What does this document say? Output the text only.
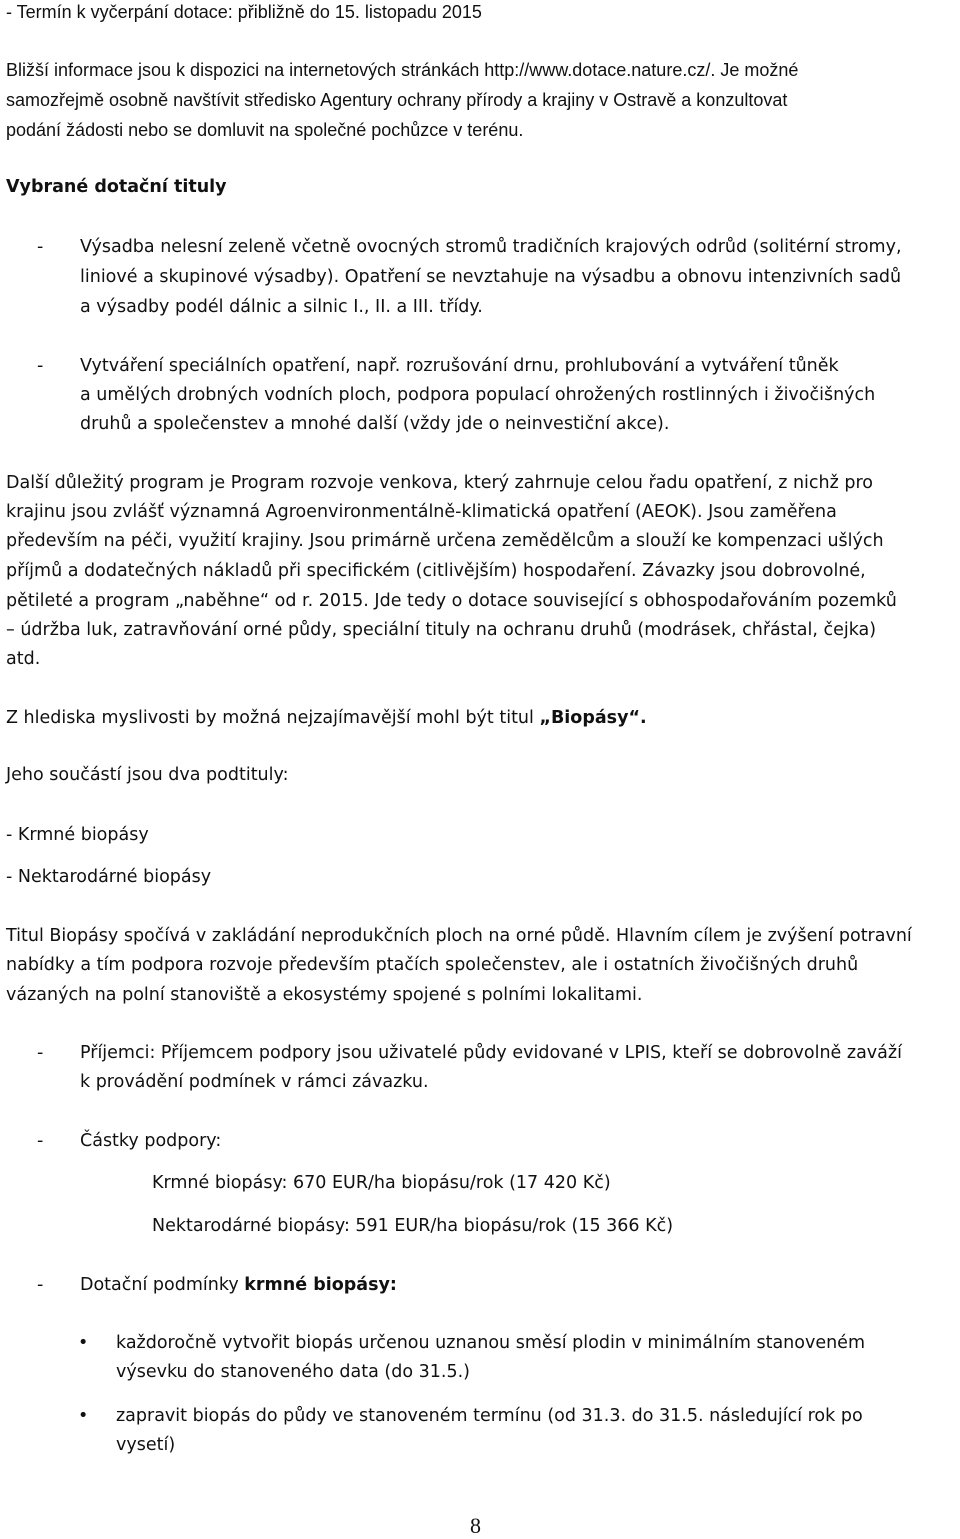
- Termín k vyčerpání dotace: přibližně do 15. listopadu 2015
Bližší informace jsou k dispozici na internetových stránkách http://www.dotace.nature.cz/. Je možné
samozřejmě osobně navštívit středisko Agentury ochrany přírody a krajiny v Ostravě a konzultovat
podání žádosti nebo se domluvit na společné pochůzce v terénu.
Vybrané dotační tituly
- Výsadba nelesní zeleně včetně ovocných stromů tradičních krajových odrůd (solitérní stromy,
liniové a skupinové výsadby). Opatření se nevztahuje na výsadbu a obnovu intenzivních sadů
a výsadby podél dálnic a silnic I., II. a III. třídy.
- Vytváření speciálních opatření, např. rozrušování drnu, prohlubování a vytváření tůněk
a umělých drobných vodních ploch, podpora populací ohrožených rostlinných i živočišných
druhů a společenstev a mnohé další (vždy jde o neinvestiční akce).
Další důležitý program je Program rozvoje venkova, který zahrnuje celou řadu opatření, z nichž pro
krajinu jsou zvlášť významná Agroenvironmentálně-klimatická opatření (AEOK). Jsou zaměřena
především na péči, využití krajiny. Jsou primárně určena zemědělcům a slouží ke kompenzaci ušlých
příjmů a dodatečných nákladů při specifickém (citlivějším) hospodaření. Závazky jsou dobrovolné,
pětileté a program „naběhne“ od r. 2015. Jde tedy o dotace související s obhospodařováním pozemků
– údržba luk, zatravňování orné půdy, speciální tituly na ochranu druhů (modrásek, chřástal, čejka)
atd.
Z hlediska myslivosti by možná nejzajímavější mohl být titul „Biopásy“.
Jeho součástí jsou dva podtituly:
- Krmné biopásy
- Nektarodárné biopásy
Titul Biopásy spočívá v zakládání neprodukčních ploch na orné půdě. Hlavním cílem je zvýšení potravní
nabídky a tím podpora rozvoje především ptačích společenstev, ale i ostatních živočišných druhů
vázaných na polní stanoviště a ekosystémy spojené s polními lokalitami.
- Příjemci: Příjemcem podpory jsou uživatelé půdy evidované v LPIS, kteří se dobrovolně zaváží
k provádění podmínek v rámci závazku.
- Částky podpory:
Krmné biopásy: 670 EUR/ha biopásu/rok (17 420 Kč)
Nektarodárné biopásy: 591 EUR/ha biopásu/rok (15 366 Kč)
- Dotační podmínky krmné biopásy:
• každoročně vytvořit biopás určenou uznanou směsí plodin v minimálním stanoveném
výsevku do stanoveného data (do 31.5.)
• zapravit biopás do půdy ve stanoveném termínu (od 31.3. do 31.5. následující rok po
vysetí)
8
